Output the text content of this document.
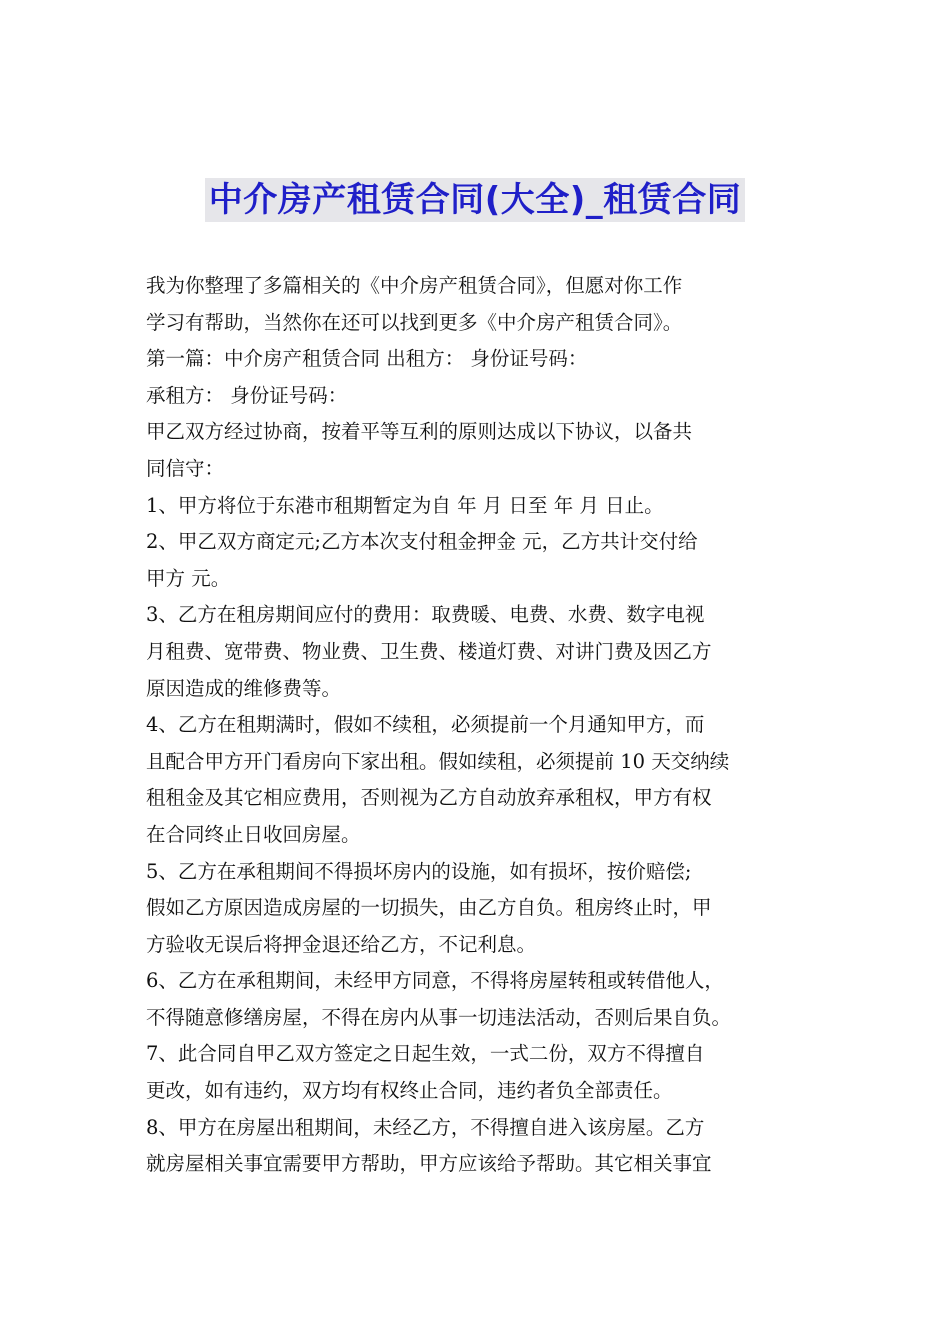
中介房产租赁合同(大全)_租赁合同

我为你整理了多篇相关的《中介房产租赁合同》，但愿对你工作

学习有帮助，当然你在还可以找到更多《中介房产租赁合同》。

第一篇：中介房产租赁合同 出租方： 身份证号码：

承租方： 身份证号码：

甲乙双方经过协商，按着平等互利的原则达成以下协议，以备共

同信守：

1、甲方将位于东港市租期暂定为自 年 月 日至 年 月 日止。

2、甲乙双方商定元;乙方本次支付租金押金 元，乙方共计交付给

甲方 元。

3、乙方在租房期间应付的费用：取费暖、电费、水费、数字电视

月租费、宽带费、物业费、卫生费、楼道灯费、对讲门费及因乙方

原因造成的维修费等。

4、乙方在租期满时，假如不续租，必须提前一个月通知甲方，而

且配合甲方开门看房向下家出租。假如续租，必须提前 10 天交纳续

租租金及其它相应费用，否则视为乙方自动放弃承租权，甲方有权

在合同终止日收回房屋。

5、乙方在承租期间不得损坏房内的设施，如有损坏，按价赔偿;

假如乙方原因造成房屋的一切损失，由乙方自负。租房终止时，甲

方验收无误后将押金退还给乙方，不记利息。

6、乙方在承租期间，未经甲方同意，不得将房屋转租或转借他人，

不得随意修缮房屋，不得在房内从事一切违法活动，否则后果自负。

7、此合同自甲乙双方签定之日起生效，一式二份，双方不得擅自

更改，如有违约，双方均有权终止合同，违约者负全部责任。

8、甲方在房屋出租期间，未经乙方，不得擅自进入该房屋。乙方

就房屋相关事宜需要甲方帮助，甲方应该给予帮助。其它相关事宜
